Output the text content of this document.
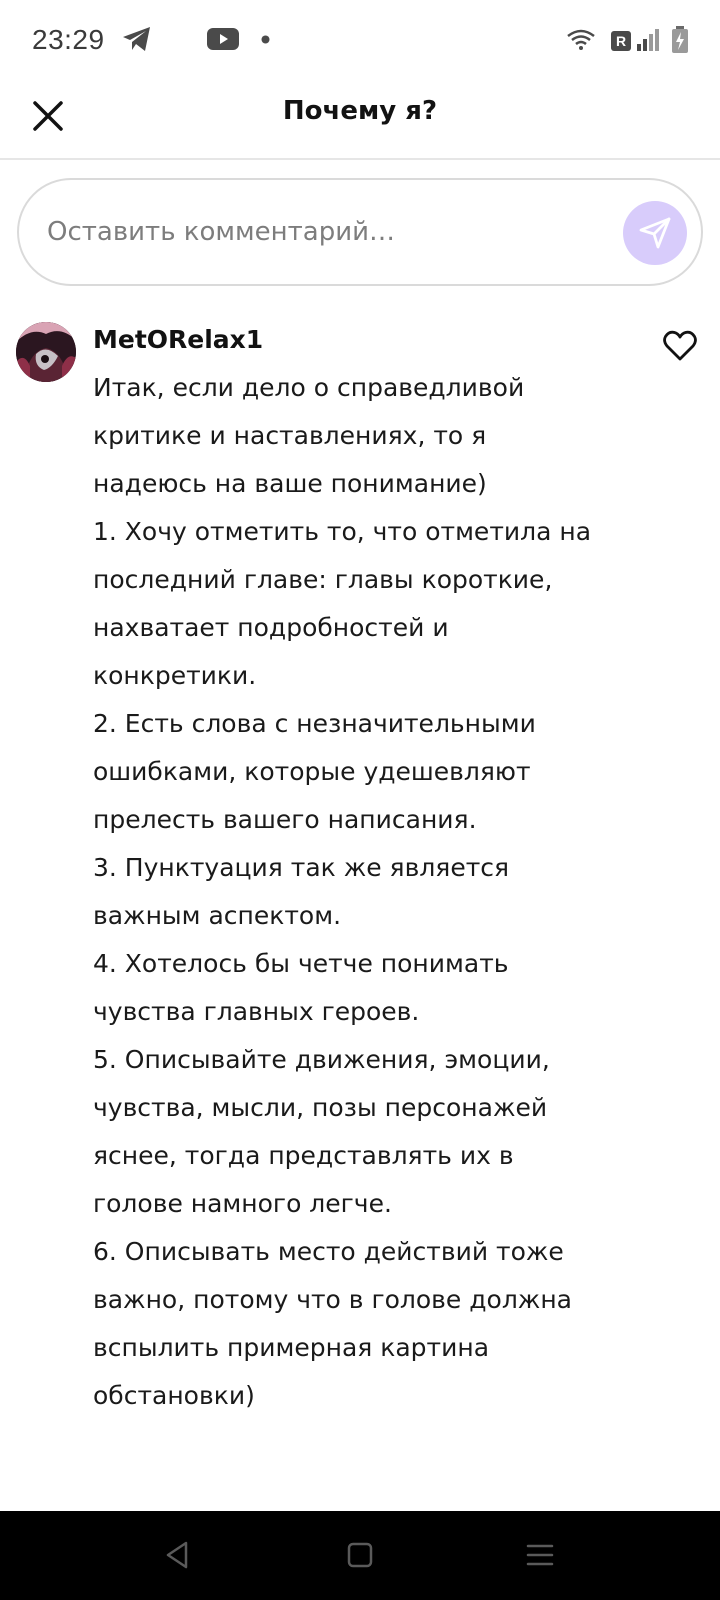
23:29	R
Почему я?
Оставить комментарий…
MetORelax1
Итак, если дело о справедливой
критике и наставлениях, то я
надеюсь на ваше понимание)
1. Хочу отметить то, что отметила на
последний главе: главы короткие,
нахватает подробностей и
конкретики.
2. Есть слова с незначительными
ошибками, которые удешевляют
прелесть вашего написания.
3. Пунктуация так же является
важным аспектом.
4. Хотелось бы четче понимать
чувства главных героев.
5. Описывайте движения, эмоции,
чувства, мысли, позы персонажей
яснее, тогда представлять их в
голове намного легче.
6. Описывать место действий тоже
важно, потому что в голове должна
вспылить примерная картина
обстановки)
